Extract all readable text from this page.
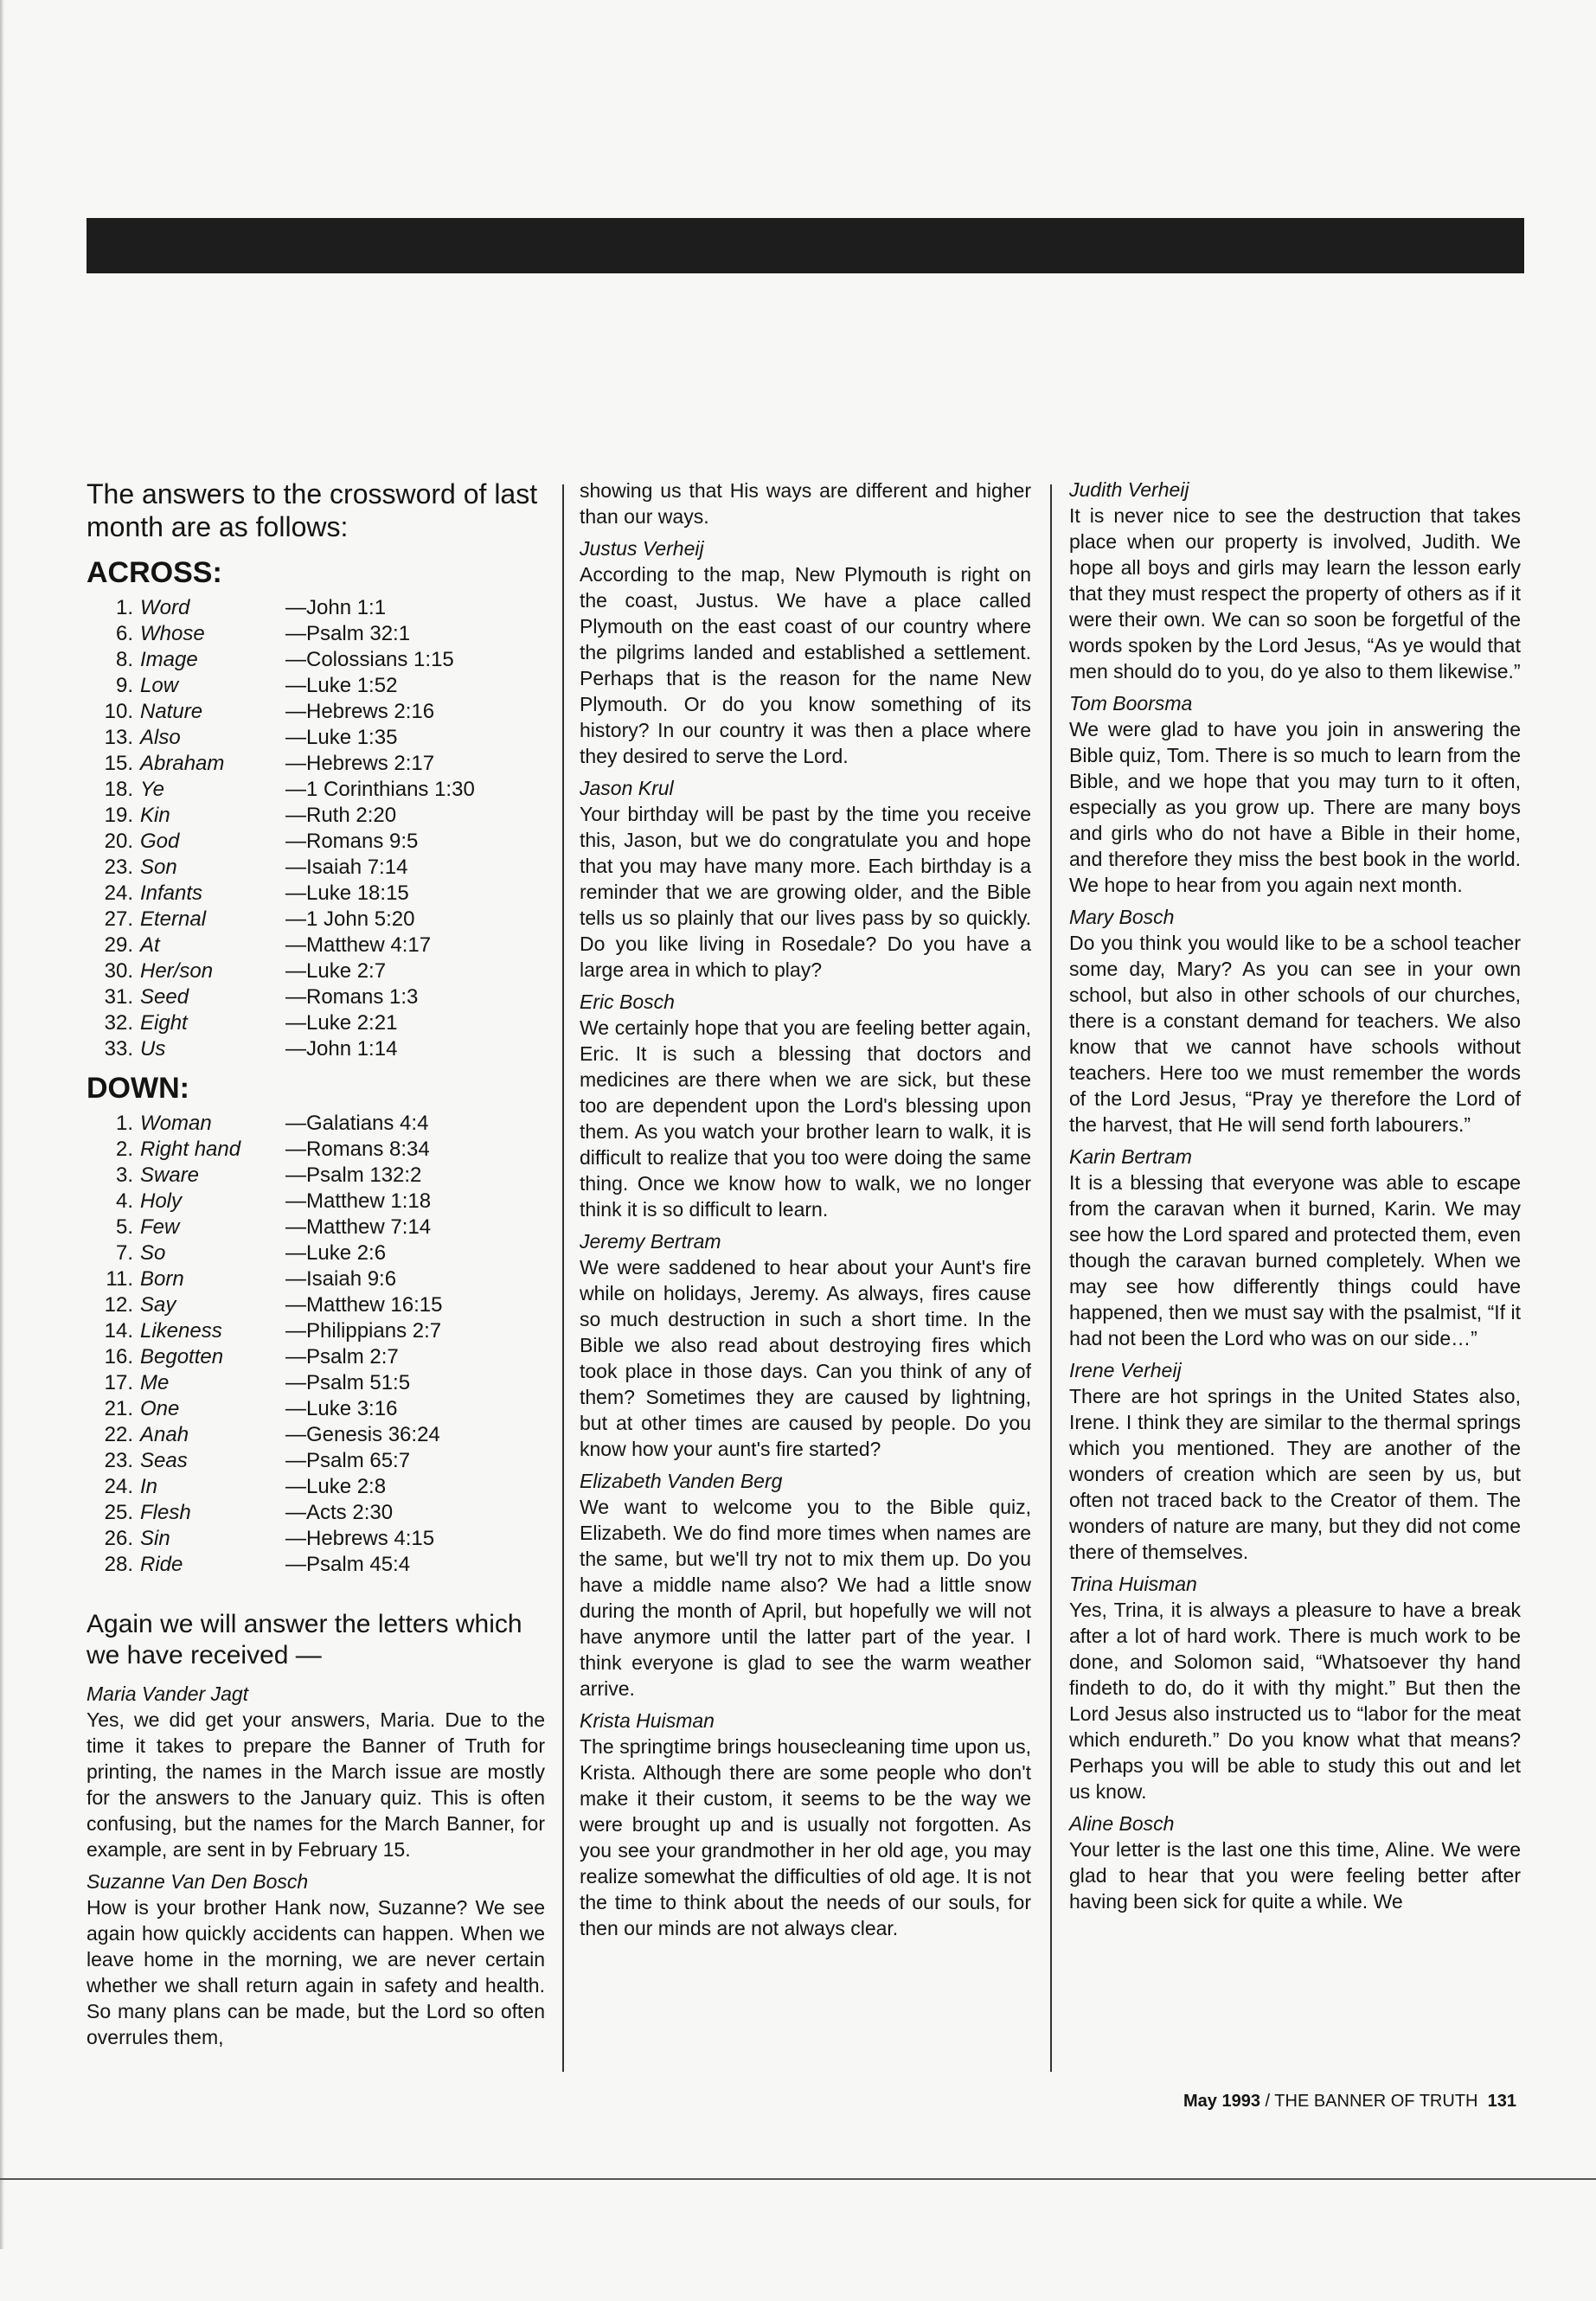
The answers to the crossword of last month are as follows:

ACROSS:
1. Word	—John 1:1
6. Whose	—Psalm 32:1
8. Image	—Colossians 1:15
9. Low	—Luke 1:52
10. Nature	—Hebrews 2:16
13. Also	—Luke 1:35
15. Abraham	—Hebrews 2:17
18. Ye	—1 Corinthians 1:30
19. Kin	—Ruth 2:20
20. God	—Romans 9:5
23. Son	—Isaiah 7:14
24. Infants	—Luke 18:15
27. Eternal	—1 John 5:20
29. At	—Matthew 4:17
30. Her/son	—Luke 2:7
31. Seed	—Romans 1:3
32. Eight	—Luke 2:21
33. Us	—John 1:14
DOWN:
1. Woman	—Galatians 4:4
2. Right hand	—Romans 8:34
3. Sware	—Psalm 132:2
4. Holy	—Matthew 1:18
5. Few	—Matthew 7:14
7. So	—Luke 2:6
11. Born	—Isaiah 9:6
12. Say	—Matthew 16:15
14. Likeness	—Philippians 2:7
16. Begotten	—Psalm 2:7
17. Me	—Psalm 51:5
21. One	—Luke 3:16
22. Anah	—Genesis 36:24
23. Seas	—Psalm 65:7
24. In	—Luke 2:8
25. Flesh	—Acts 2:30
26. Sin	—Hebrews 4:15
28. Ride	—Psalm 45:4
Again we will answer the letters which we have received —
Maria Vander Jagt
Yes, we did get your answers, Maria. Due to the time it takes to prepare the Banner of Truth for printing, the names in the March issue are mostly for the answers to the January quiz. This is often confusing, but the names for the March Banner, for example, are sent in by February 15.
Suzanne Van Den Bosch
How is your brother Hank now, Suzanne? We see again how quickly accidents can happen. When we leave home in the morning, we are never certain whether we shall return again in safety and health. So many plans can be made, but the Lord so often overrules them,

showing us that His ways are different and higher than our ways.

Justus Verheij
According to the map, New Plymouth is right on the coast, Justus. We have a place called Plymouth on the east coast of our country where the pilgrims landed and established a settlement. Perhaps that is the reason for the name New Plymouth. Or do you know something of its history? In our country it was then a place where they desired to serve the Lord.
Jason Krul
Your birthday will be past by the time you receive this, Jason, but we do congratulate you and hope that you may have many more. Each birthday is a reminder that we are growing older, and the Bible tells us so plainly that our lives pass by so quickly. Do you like living in Rosedale? Do you have a large area in which to play?
Eric Bosch
We certainly hope that you are feeling better again, Eric. It is such a blessing that doctors and medicines are there when we are sick, but these too are dependent upon the Lord's blessing upon them. As you watch your brother learn to walk, it is difficult to realize that you too were doing the same thing. Once we know how to walk, we no longer think it is so difficult to learn.
Jeremy Bertram
We were saddened to hear about your Aunt's fire while on holidays, Jeremy. As always, fires cause so much destruction in such a short time. In the Bible we also read about destroying fires which took place in those days. Can you think of any of them? Sometimes they are caused by lightning, but at other times are caused by people. Do you know how your aunt's fire started?
Elizabeth Vanden Berg
We want to welcome you to the Bible quiz, Elizabeth. We do find more times when names are the same, but we'll try not to mix them up. Do you have a middle name also? We had a little snow during the month of April, but hopefully we will not have anymore until the latter part of the year. I think everyone is glad to see the warm weather arrive.
Krista Huisman
The springtime brings housecleaning time upon us, Krista. Although there are some people who don't make it their custom, it seems to be the way we were brought up and is usually not forgotten. As you see your grandmother in her old age, you may realize somewhat the difficulties of old age. It is not the time to think about the needs of our souls, for then our minds are not always clear.
Judith Verheij
It is never nice to see the destruction that takes place when our property is involved, Judith. We hope all boys and girls may learn the lesson early that they must respect the property of others as if it were their own. We can so soon be forgetful of the words spoken by the Lord Jesus, “As ye would that men should do to you, do ye also to them likewise.”
Tom Boorsma
We were glad to have you join in answering the Bible quiz, Tom. There is so much to learn from the Bible, and we hope that you may turn to it often, especially as you grow up. There are many boys and girls who do not have a Bible in their home, and therefore they miss the best book in the world. We hope to hear from you again next month.
Mary Bosch
Do you think you would like to be a school teacher some day, Mary? As you can see in your own school, but also in other schools of our churches, there is a constant demand for teachers. We also know that we cannot have schools without teachers. Here too we must remember the words of the Lord Jesus, “Pray ye therefore the Lord of the harvest, that He will send forth labourers.”
Karin Bertram
It is a blessing that everyone was able to escape from the caravan when it burned, Karin. We may see how the Lord spared and protected them, even though the caravan burned completely. When we may see how differently things could have happened, then we must say with the psalmist, “If it had not been the Lord who was on our side…”
Irene Verheij
There are hot springs in the United States also, Irene. I think they are similar to the thermal springs which you mentioned. They are another of the wonders of creation which are seen by us, but often not traced back to the Creator of them. The wonders of nature are many, but they did not come there of themselves.
Trina Huisman
Yes, Trina, it is always a pleasure to have a break after a lot of hard work. There is much work to be done, and Solomon said, “Whatsoever thy hand findeth to do, do it with thy might.” But then the Lord Jesus also instructed us to “labor for the meat which endureth.” Do you know what that means? Perhaps you will be able to study this out and let us know.
Aline Bosch
Your letter is the last one this time, Aline. We were glad to hear that you were feeling better after having been sick for quite a while. We
May 1993 / THE BANNER OF TRUTH 131
